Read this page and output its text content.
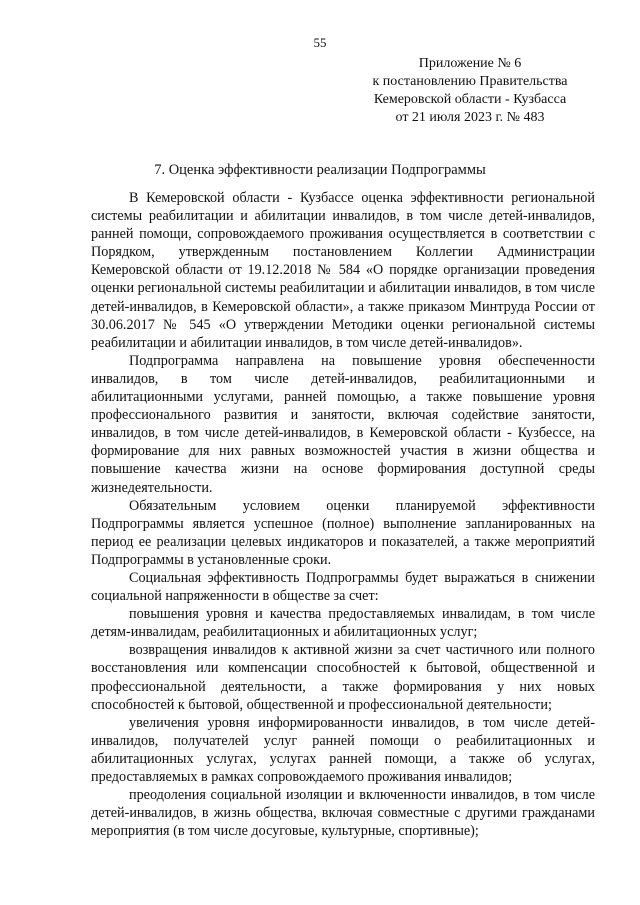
55
Приложение № 6
к постановлению Правительства
Кемеровской области - Кузбасса
от 21 июля 2023 г. № 483
7. Оценка эффективности реализации Подпрограммы

В Кемеровской области - Кузбассе оценка эффективности региональной системы реабилитации и абилитации инвалидов, в том числе детей-инвалидов, ранней помощи, сопровождаемого проживания осуществляется в соответствии с Порядком, утвержденным постановлением Коллегии Администрации Кемеровской области от 19.12.2018 № 584 «О порядке организации проведения оценки региональной системы реабилитации и абилитации инвалидов, в том числе детей-инвалидов, в Кемеровской области», а также приказом Минтруда России от 30.06.2017 № 545 «О утверждении Методики оценки региональной системы реабилитации и абилитации инвалидов, в том числе детей-инвалидов».

Подпрограмма направлена на повышение уровня обеспеченности инвалидов, в том числе детей-инвалидов, реабилитационными и абилитационными услугами, ранней помощью, а также повышение уровня профессионального развития и занятости, включая содействие занятости, инвалидов, в том числе детей-инвалидов, в Кемеровской области - Кузбессе, на формирование для них равных возможностей участия в жизни общества и повышение качества жизни на основе формирования доступной среды жизнедеятельности.

Обязательным условием оценки планируемой эффективности Подпрограммы является успешное (полное) выполнение запланированных на период ее реализации целевых индикаторов и показателей, а также мероприятий Подпрограммы в установленные сроки.

Социальная эффективность Подпрограммы будет выражаться в снижении социальной напряженности в обществе за счет:

повышения уровня и качества предоставляемых инвалидам, в том числе детям-инвалидам, реабилитационных и абилитационных услуг;

возвращения инвалидов к активной жизни за счет частичного или полного восстановления или компенсации способностей к бытовой, общественной и профессиональной деятельности, а также формирования у них новых способностей к бытовой, общественной и профессиональной деятельности;

увеличения уровня информированности инвалидов, в том числе детей-инвалидов, получателей услуг ранней помощи о реабилитационных и абилитационных услугах, услугах ранней помощи, а также об услугах, предоставляемых в рамках сопровождаемого проживания инвалидов;

преодоления социальной изоляции и включенности инвалидов, в том числе детей-инвалидов, в жизнь общества, включая совместные с другими гражданами мероприятия (в том числе досуговые, культурные, спортивные);
